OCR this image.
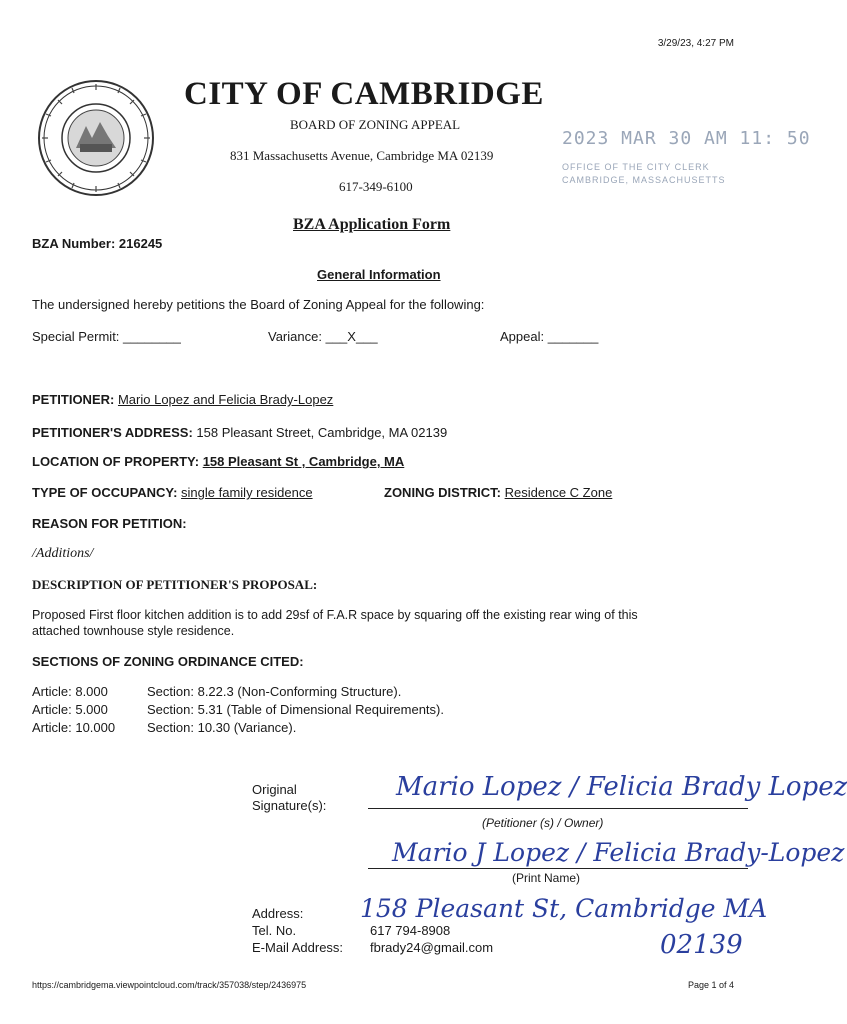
3/29/23, 4:27 PM
CITY OF CAMBRIDGE
BOARD OF ZONING APPEAL
831 Massachusetts Avenue, Cambridge MA 02139
617-349-6100
2023 MAR 30 AM 11: 50
OFFICE OF THE CITY CLERK
CAMBRIDGE, MASSACHUSETTS
BZA Application Form
BZA Number: 216245
General Information
The undersigned hereby petitions the Board of Zoning Appeal for the following:
Special Permit: ________	Variance: ___X___	Appeal: _______
PETITIONER: Mario Lopez and Felicia Brady-Lopez
PETITIONER'S ADDRESS: 158 Pleasant Street, Cambridge, MA 02139
LOCATION OF PROPERTY: 158 Pleasant St , Cambridge, MA
TYPE OF OCCUPANCY: single family residence	ZONING DISTRICT: Residence C Zone
REASON FOR PETITION:
/Additions/
DESCRIPTION OF PETITIONER'S PROPOSAL:
Proposed First floor kitchen addition is to add 29sf of F.A.R space by squaring off the existing rear wing of this
attached townhouse style residence.
SECTIONS OF ZONING ORDINANCE CITED:
Article: 8.000	Section: 8.22.3 (Non-Conforming Structure).
Article: 5.000	Section: 5.31 (Table of Dimensional Requirements).
Article: 10.000 Section: 10.30 (Variance).
Original
Signature(s):
Mario Lopez / Felicia Brady Lopez
(Petitioner (s) / Owner)
Mario J Lopez / Felicia Brady-Lopez
(Print Name)
Address: 158 Pleasant St, Cambridge MA
Tel. No.	617 794-8908
E-Mail Address: fbrady24@gmail.com	02139
https://cambridgema.viewpointcloud.com/track/357038/step/2436975	Page 1 of 4
